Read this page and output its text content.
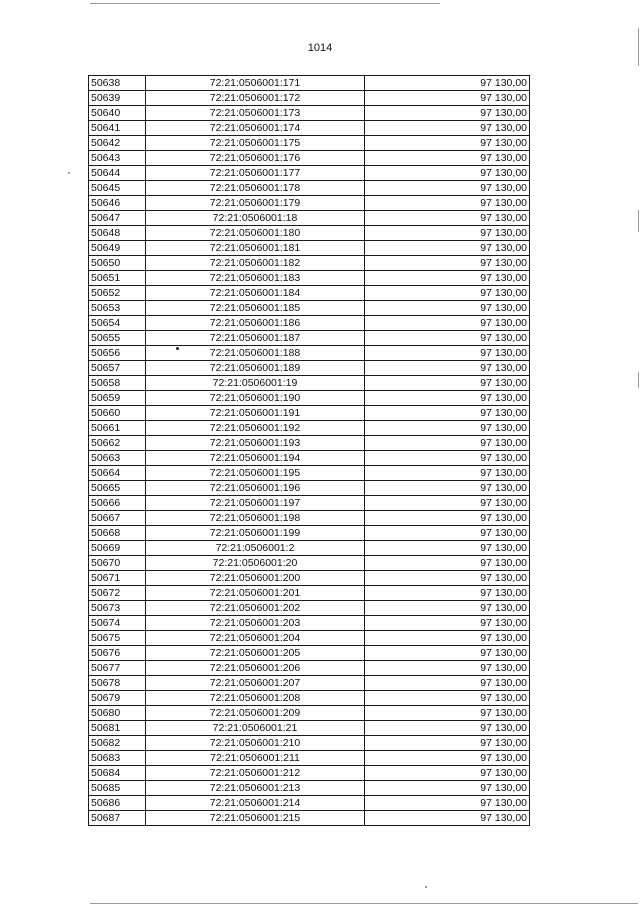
1014
50638	72:21:0506001:171	97 130,00
50639	72:21:0506001:172	97 130,00
50640	72:21:0506001:173	97 130,00
50641	72:21:0506001:174	97 130,00
50642	72:21:0506001:175	97 130,00
50643	72:21:0506001:176	97 130,00
50644	72:21:0506001:177	97 130,00
50645	72:21:0506001:178	97 130,00
50646	72:21:0506001:179	97 130,00
50647	72:21:0506001:18	97 130,00
50648	72:21:0506001:180	97 130,00
50649	72:21:0506001:181	97 130,00
50650	72:21:0506001:182	97 130,00
50651	72:21:0506001:183	97 130,00
50652	72:21:0506001:184	97 130,00
50653	72:21:0506001:185	97 130,00
50654	72:21:0506001:186	97 130,00
50655	72:21:0506001:187	97 130,00
50656	72:21:0506001:188	97 130,00
50657	72:21:0506001:189	97 130,00
50658	72:21:0506001:19	97 130,00
50659	72:21:0506001:190	97 130,00
50660	72:21:0506001:191	97 130,00
50661	72:21:0506001:192	97 130,00
50662	72:21:0506001:193	97 130,00
50663	72:21:0506001:194	97 130,00
50664	72:21:0506001:195	97 130,00
50665	72:21:0506001:196	97 130,00
50666	72:21:0506001:197	97 130,00
50667	72:21:0506001:198	97 130,00
50668	72:21:0506001:199	97 130,00
50669	72:21:0506001:2	97 130,00
50670	72:21:0506001:20	97 130,00
50671	72:21:0506001:200	97 130,00
50672	72:21:0506001:201	97 130,00
50673	72:21:0506001:202	97 130,00
50674	72:21:0506001:203	97 130,00
50675	72:21:0506001:204	97 130,00
50676	72:21:0506001:205	97 130,00
50677	72:21:0506001:206	97 130,00
50678	72:21:0506001:207	97 130,00
50679	72:21:0506001:208	97 130,00
50680	72:21:0506001:209	97 130,00
50681	72:21:0506001:21	97 130,00
50682	72:21:0506001:210	97 130,00
50683	72:21:0506001:211	97 130,00
50684	72:21:0506001:212	97 130,00
50685	72:21:0506001:213	97 130,00
50686	72:21:0506001:214	97 130,00
50687	72:21:0506001:215	97 130,00
